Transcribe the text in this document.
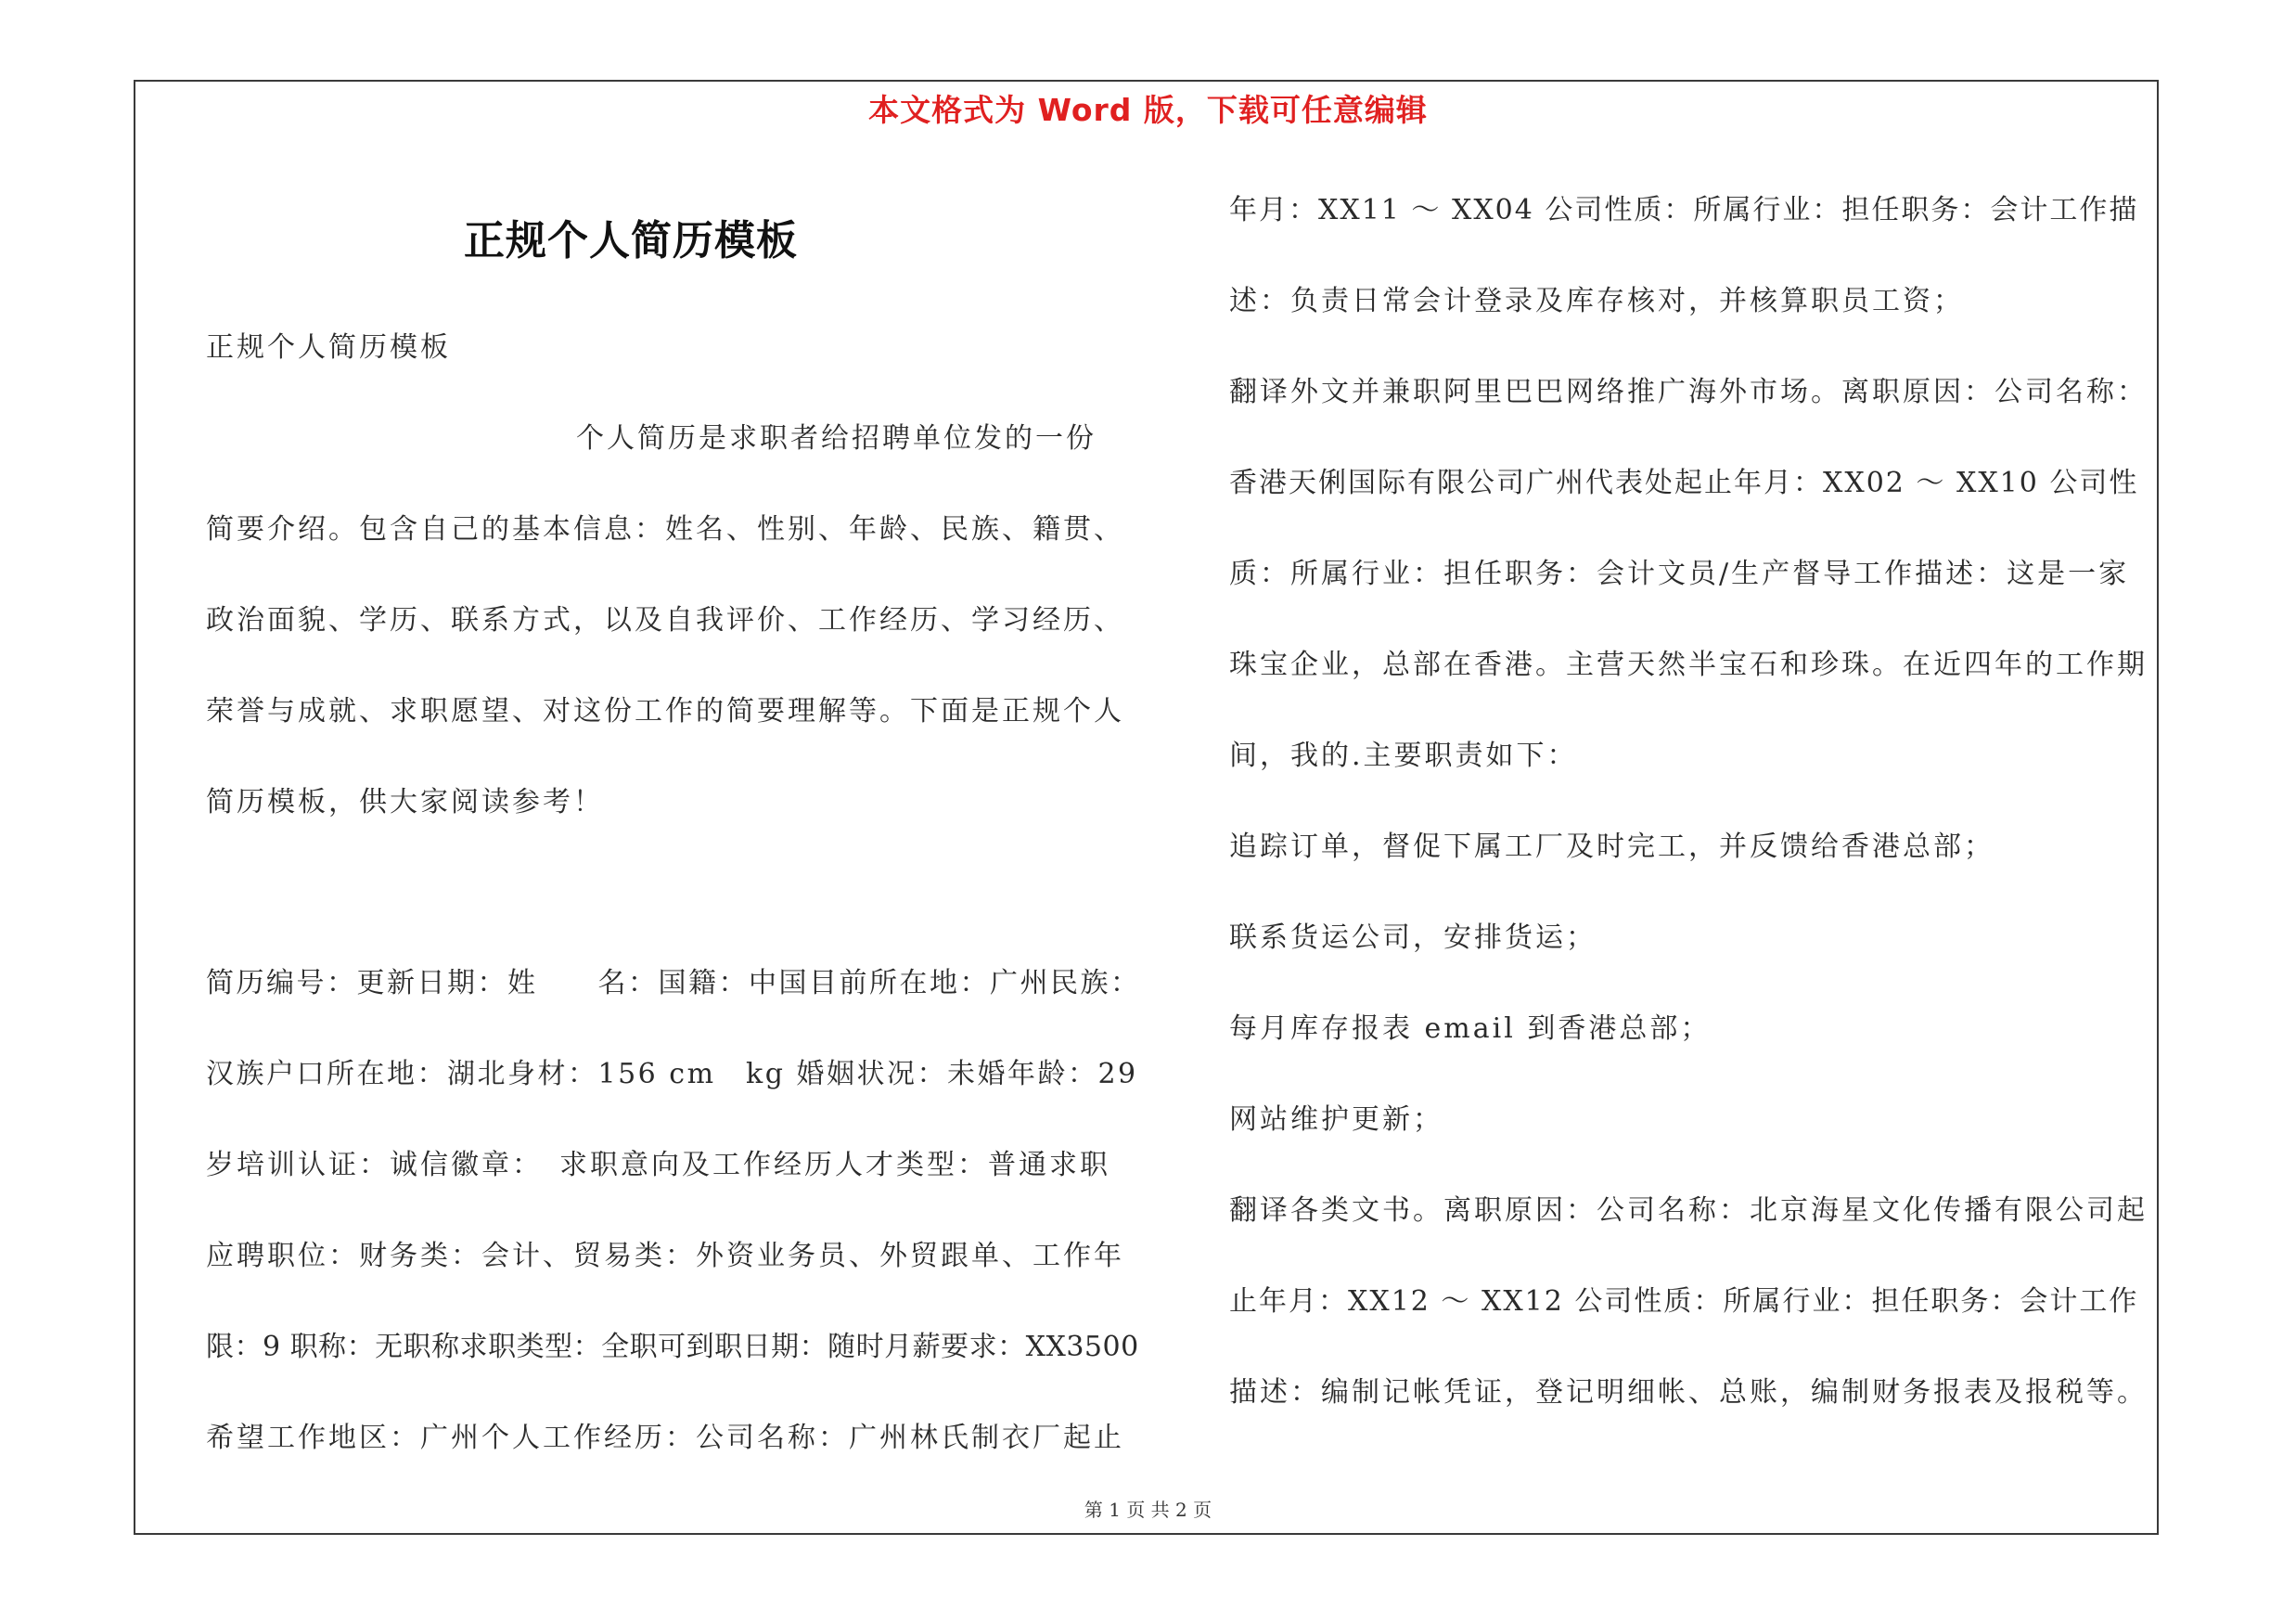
本文格式为 Word 版，下载可任意编辑
正规个人简历模板
正规个人简历模板
个人简历是求职者给招聘单位发的一份
简要介绍。包含自己的基本信息：姓名、性别、年龄、民族、籍贯、
政治面貌、学历、联系方式，以及自我评价、工作经历、学习经历、
荣誉与成就、求职愿望、对这份工作的简要理解等。下面是正规个人
简历模板，供大家阅读参考！
简历编号：更新日期：姓　　名：国籍：中国目前所在地：广州民族：
汉族户口所在地：湖北身材：156 cm　kg 婚姻状况：未婚年龄：29
岁培训认证：诚信徽章：　求职意向及工作经历人才类型：普通求职
应聘职位：财务类：会计、贸易类：外资业务员、外贸跟单、工作年
限：9 职称：无职称求职类型：全职可到职日期：随时月薪要求：XX3500
希望工作地区：广州个人工作经历：公司名称：广州林氏制衣厂起止
年月：XX11 ～ XX04 公司性质：所属行业：担任职务：会计工作描
述：负责日常会计登录及库存核对，并核算职员工资；
翻译外文并兼职阿里巴巴网络推广海外市场。离职原因：公司名称：
香港天俐国际有限公司广州代表处起止年月：XX02 ～ XX10 公司性
质：所属行业：担任职务：会计文员/生产督导工作描述：这是一家
珠宝企业，总部在香港。主营天然半宝石和珍珠。在近四年的工作期
间，我的.主要职责如下：
追踪订单，督促下属工厂及时完工，并反馈给香港总部；
联系货运公司，安排货运；
每月库存报表 email 到香港总部；
网站维护更新；
翻译各类文书。离职原因：公司名称：北京海星文化传播有限公司起
止年月：XX12 ～ XX12 公司性质：所属行业：担任职务：会计工作
描述：编制记帐凭证，登记明细帐、总账，编制财务报表及报税等。
第 1 页 共 2 页
